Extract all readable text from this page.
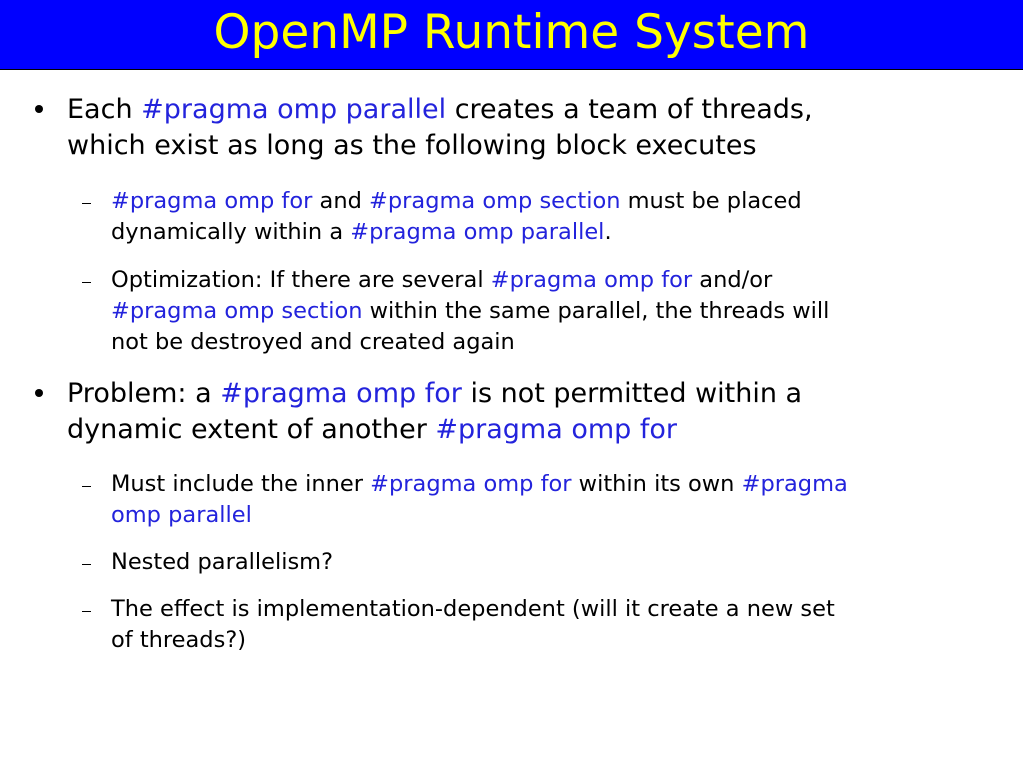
OpenMP Runtime System
Each #pragma omp parallel creates a team of threads,
which exist as long as the following block executes
#pragma omp for and #pragma omp section must be placed
dynamically within a #pragma omp parallel.
Optimization: If there are several #pragma omp for and/or
#pragma omp section within the same parallel, the threads will
not be destroyed and created again
Problem: a #pragma omp for is not permitted within a
dynamic extent of another #pragma omp for
Must include the inner #pragma omp for within its own #pragma
omp parallel
Nested parallelism?
The effect is implementation-dependent (will it create a new set
of threads?)
